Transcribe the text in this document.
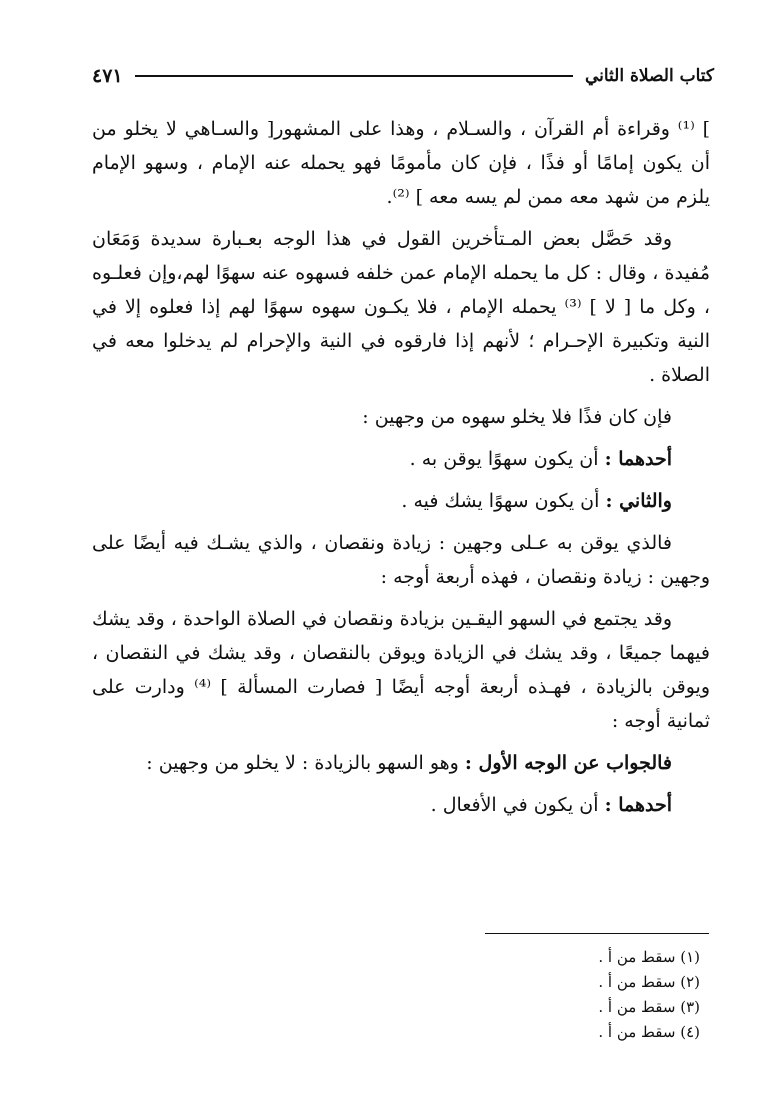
كتاب الصلاة الثاني
٤٧١

] ⁽¹⁾ وقراءة أم القرآن ، والسـلام ، وهذا على المشهور[ والسـاهي لا يخلو من أن يكون إمامًا أو فذًا ، فإن كان مأمومًا فهو يحمله عنه الإمام ، وسهو الإمام يلزم من شهد معه ممن لم يسه معه ] ⁽²⁾.

وقد حَصَّل بعض المـتأخرين القول في هذا الوجه بعـبارة سديدة وَمَعَان مُفيدة ، وقال : كل ما يحمله الإمام عمن خلفه فسهوه عنه سهوًا لهم،وإن فعلـوه ، وكل ما [ لا ] ⁽³⁾ يحمله الإمام ، فلا يكـون سهوه سهوًا لهم إذا فعلوه إلا في النية وتكبيرة الإحـرام ؛ لأنهم إذا فارقوه في النية والإحرام لم يدخلوا معه في الصلاة .

فإن كان فذًا فلا يخلو سهوه من وجهين :

أحدهما : أن يكون سهوًا يوقن به .

والثاني : أن يكون سهوًا يشك فيه .

فالذي يوقن به عـلى وجهين : زيادة ونقصان ، والذي يشـك فيه أيضًا على وجهين : زيادة ونقصان ، فهذه أربعة أوجه :

وقد يجتمع في السهو اليقـين بزيادة ونقصان في الصلاة الواحدة ، وقد يشك فيهما جميعًا ، وقد يشك في الزيادة ويوقن بالنقصان ، وقد يشك في النقصان ، ويوقن بالزيادة ، فهـذه أربعة أوجه أيضًا [ فصارت المسألة ] ⁽⁴⁾ ودارت على ثمانية أوجه :

فالجواب عن الوجه الأول : وهو السهو بالزيادة : لا يخلو من وجهين :

أحدهما : أن يكون في الأفعال .

(١) سقط من أ .

(٢) سقط من أ .

(٣) سقط من أ .

(٤) سقط من أ .
